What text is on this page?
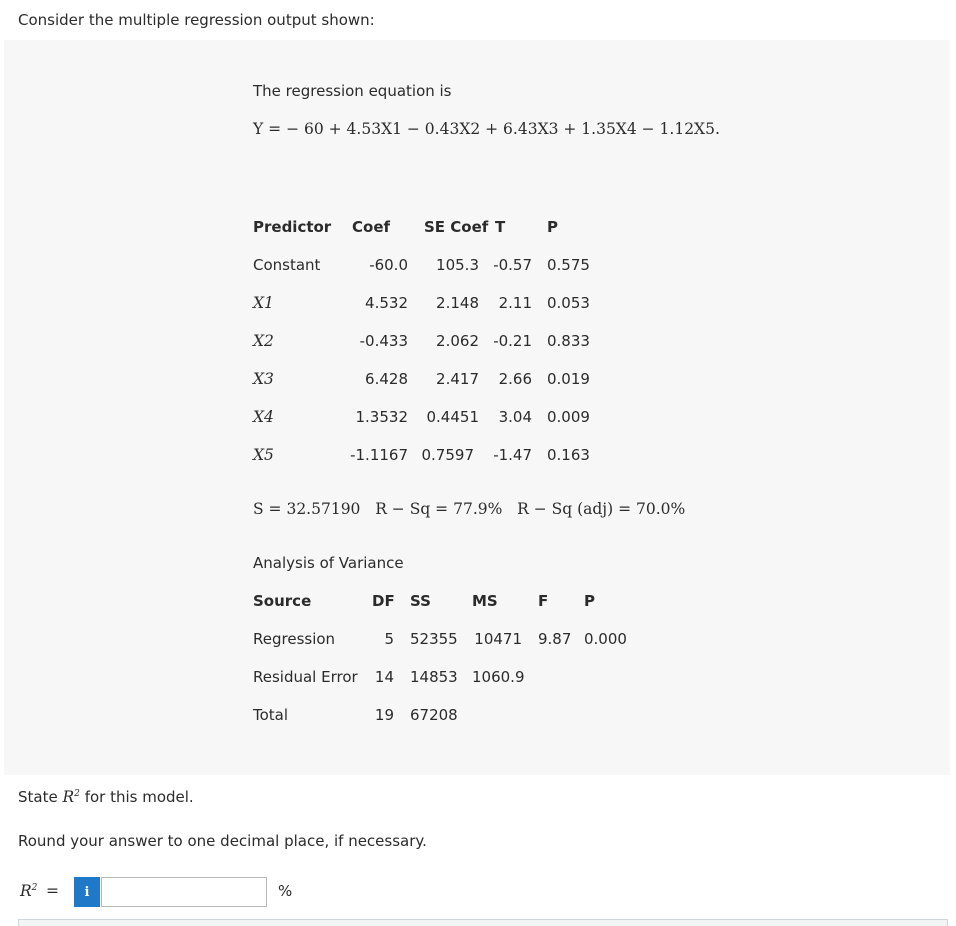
Consider the multiple regression output shown:
The regression equation is
Y = − 60 + 4.53X1 − 0.43X2 + 6.43X3 + 1.35X4 − 1.12X5.
Predictor Coef SE Coef T	P
Constant	-60.0	105.3 -0.57 0.575
X1	4.532	2.148	2.11 0.053
X2	-0.433	2.062 -0.21 0.833
X3	6.428	2.417	2.66 0.019
X4	1.3532	0.4451	3.04 0.009
X5	-1.1167 0.7597	-1.47 0.163
S = 32.57190   R − Sq = 77.9%   R − Sq (adj) = 70.0%
Analysis of Variance
Source	DF SS	MS	F P
Regression	5 52355	10471 9.87 0.000
Residual Error	14 14853 1060.9
Total	19 67208
State $R^2$ for this model.
Round your answer to one decimal place, if necessary.
$R^2$ =	i	%
